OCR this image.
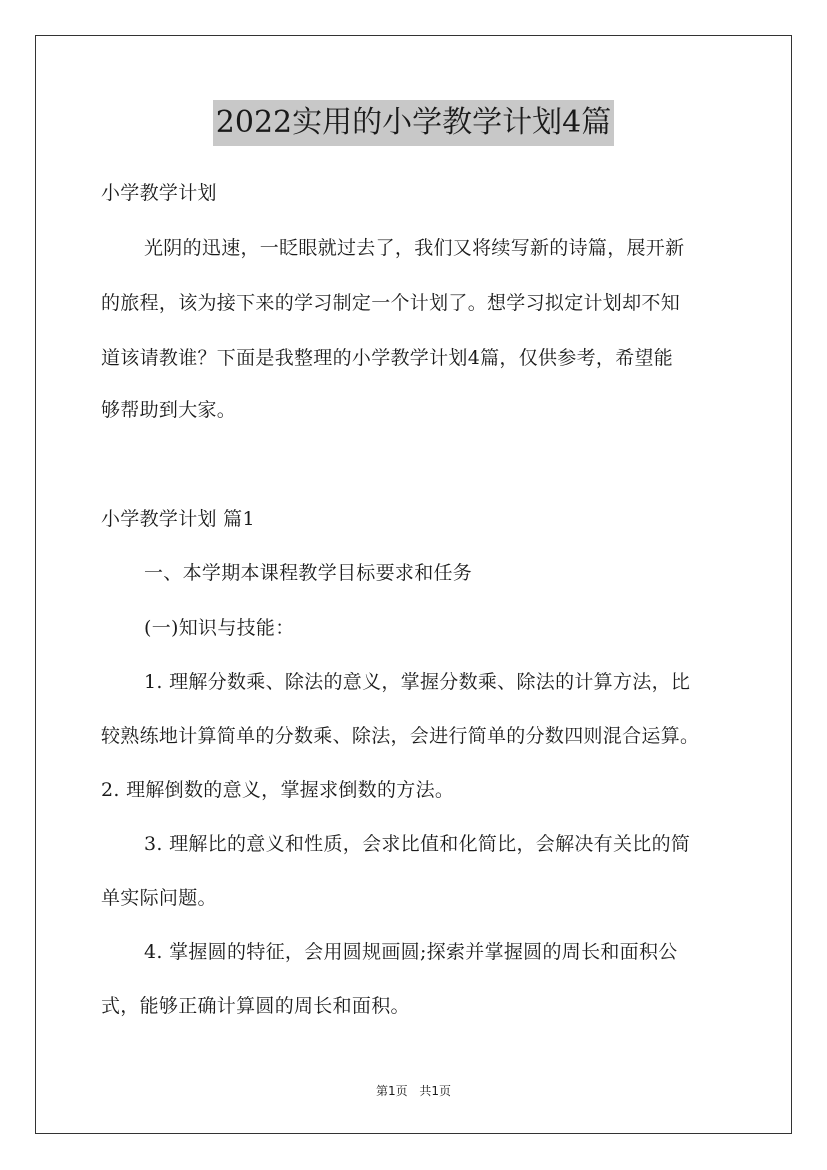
2022实用的小学教学计划4篇
小学教学计划
光阴的迅速，一眨眼就过去了，我们又将续写新的诗篇，展开新
的旅程，该为接下来的学习制定一个计划了。想学习拟定计划却不知
道该请教谁？下面是我整理的小学教学计划4篇，仅供参考，希望能
够帮助到大家。
小学教学计划 篇1
一、本学期本课程教学目标要求和任务
(一)知识与技能：
1. 理解分数乘、除法的意义，掌握分数乘、除法的计算方法，比
较熟练地计算简单的分数乘、除法，会进行简单的分数四则混合运算。
2. 理解倒数的意义，掌握求倒数的方法。
3. 理解比的意义和性质，会求比值和化简比，会解决有关比的简
单实际问题。
4. 掌握圆的特征，会用圆规画圆;探索并掌握圆的周长和面积公
式，能够正确计算圆的周长和面积。
第1页 共1页
